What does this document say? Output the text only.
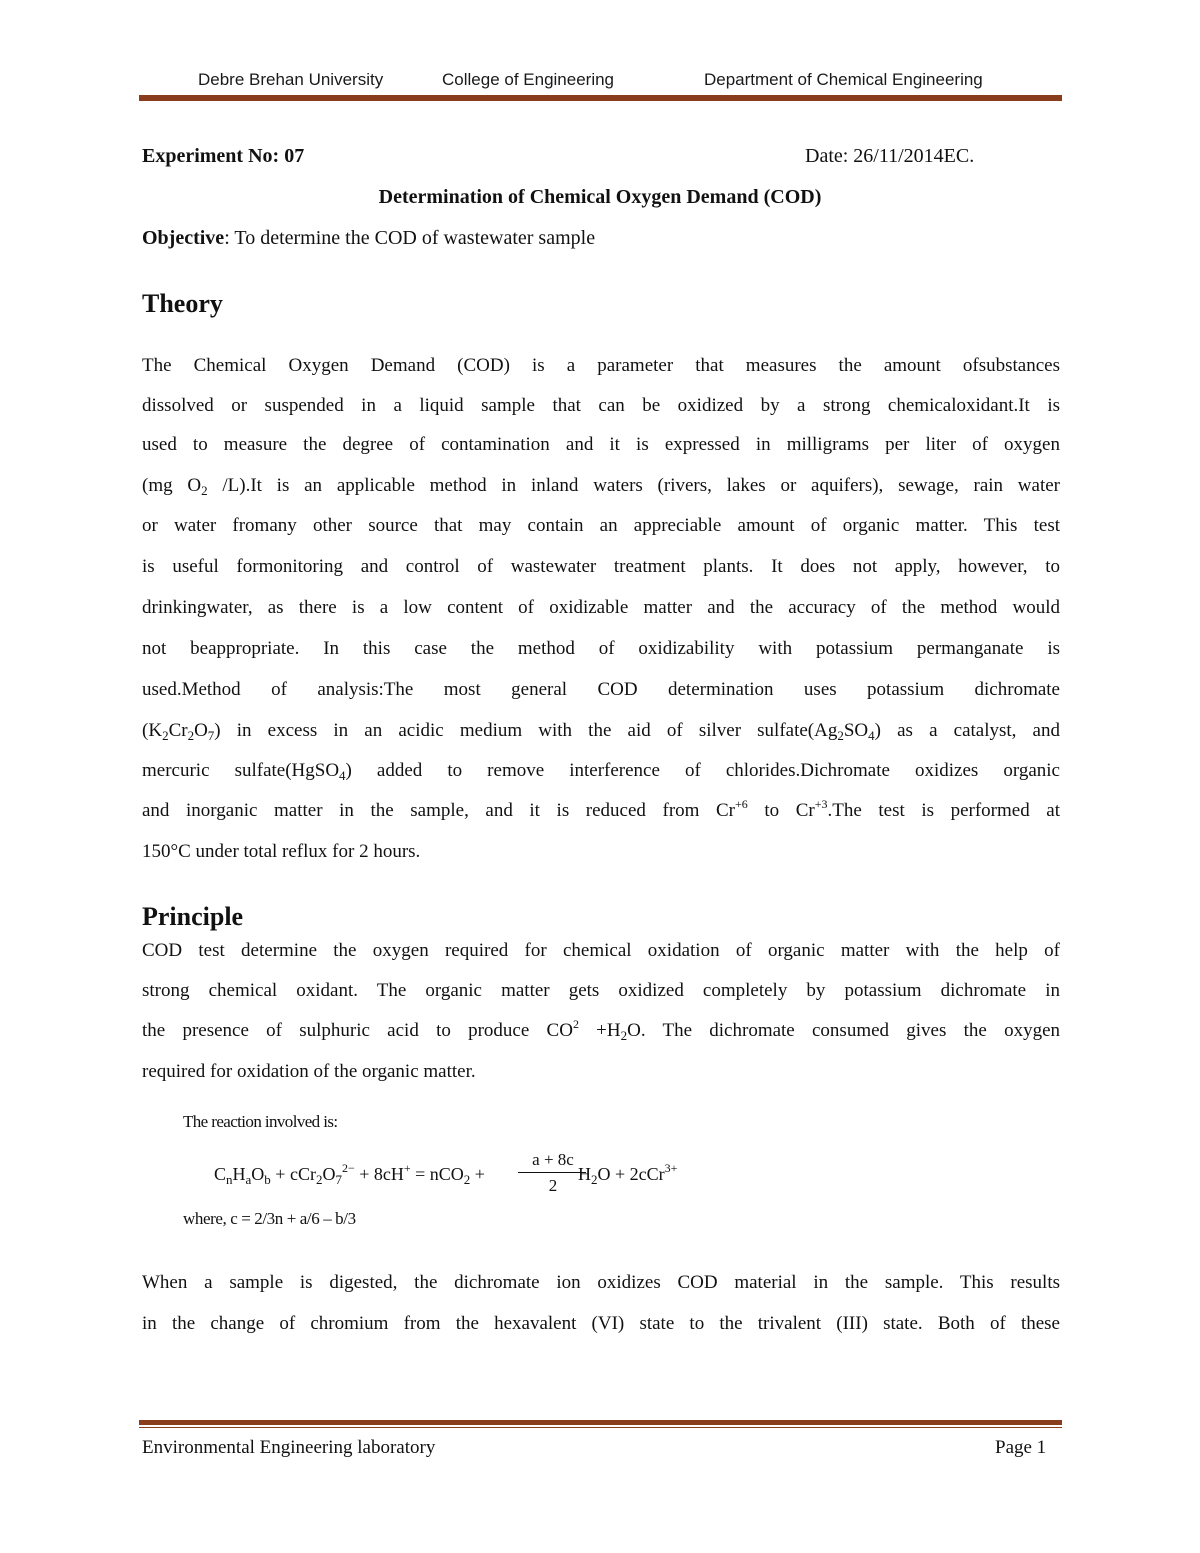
Debre Brehan University	College of Engineering	Department of Chemical Engineering
Experiment No: 07	Date: 26/11/2014EC.
Determination of Chemical Oxygen Demand (COD)
Objective: To determine the COD of wastewater sample
Theory
The Chemical Oxygen Demand (COD) is a parameter that measures the amount ofsubstances
dissolved or suspended in a liquid sample that can be oxidized by a strong chemicaloxidant.It is
used to measure the degree of contamination and it is expressed in milligrams per liter of oxygen
(mg $O_2$ /L).It is an applicable method in inland waters (rivers, lakes or aquifers), sewage, rain water
or water fromany other source that may contain an appreciable amount of organic matter. This test
is useful formonitoring and control of wastewater treatment plants. It does not apply, however, to
drinkingwater, as there is a low content of oxidizable matter and the accuracy of the method would
not beappropriate. In this case the method of oxidizability with potassium permanganate is
used.Method of analysis:The most general COD determination uses potassium dichromate
$(K_2Cr_2O_7)$ in excess in an acidic medium with the aid of silver $sulfate(Ag_2SO_4)$ as a catalyst, and
mercuric sulfate(HgSO$_4$) added to remove interference of chlorides.Dichromate oxidizes organic
and inorganic matter in the sample, and it is reduced from $Cr^{+6}$ to $Cr^{+3}.The$ test is performed at
150°C under total reflux for 2 hours.
Principle
COD test determine the oxygen required for chemical oxidation of organic matter with the help of
strong chemical oxidant. The organic matter gets oxidized completely by potassium dichromate in
the presence of sulphuric acid to produce $CO^2 +H_2O$. The dichromate consumed gives the oxygen
required for oxidation of the organic matter.
The reaction involved is:
$C_nH_aO_b + cCr_2O_7^{2-} + 8cH^+ = nCO_2$ +
a + 8c
2
$H_2O + 2cCr^{3+}$
where, c = 2/3n + a/6 – b/3
When a sample is digested, the dichromate ion oxidizes COD material in the sample. This results
in the change of chromium from the hexavalent (VI) state to the trivalent (III) state. Both of these
Environmental Engineering laboratory	Page 1
